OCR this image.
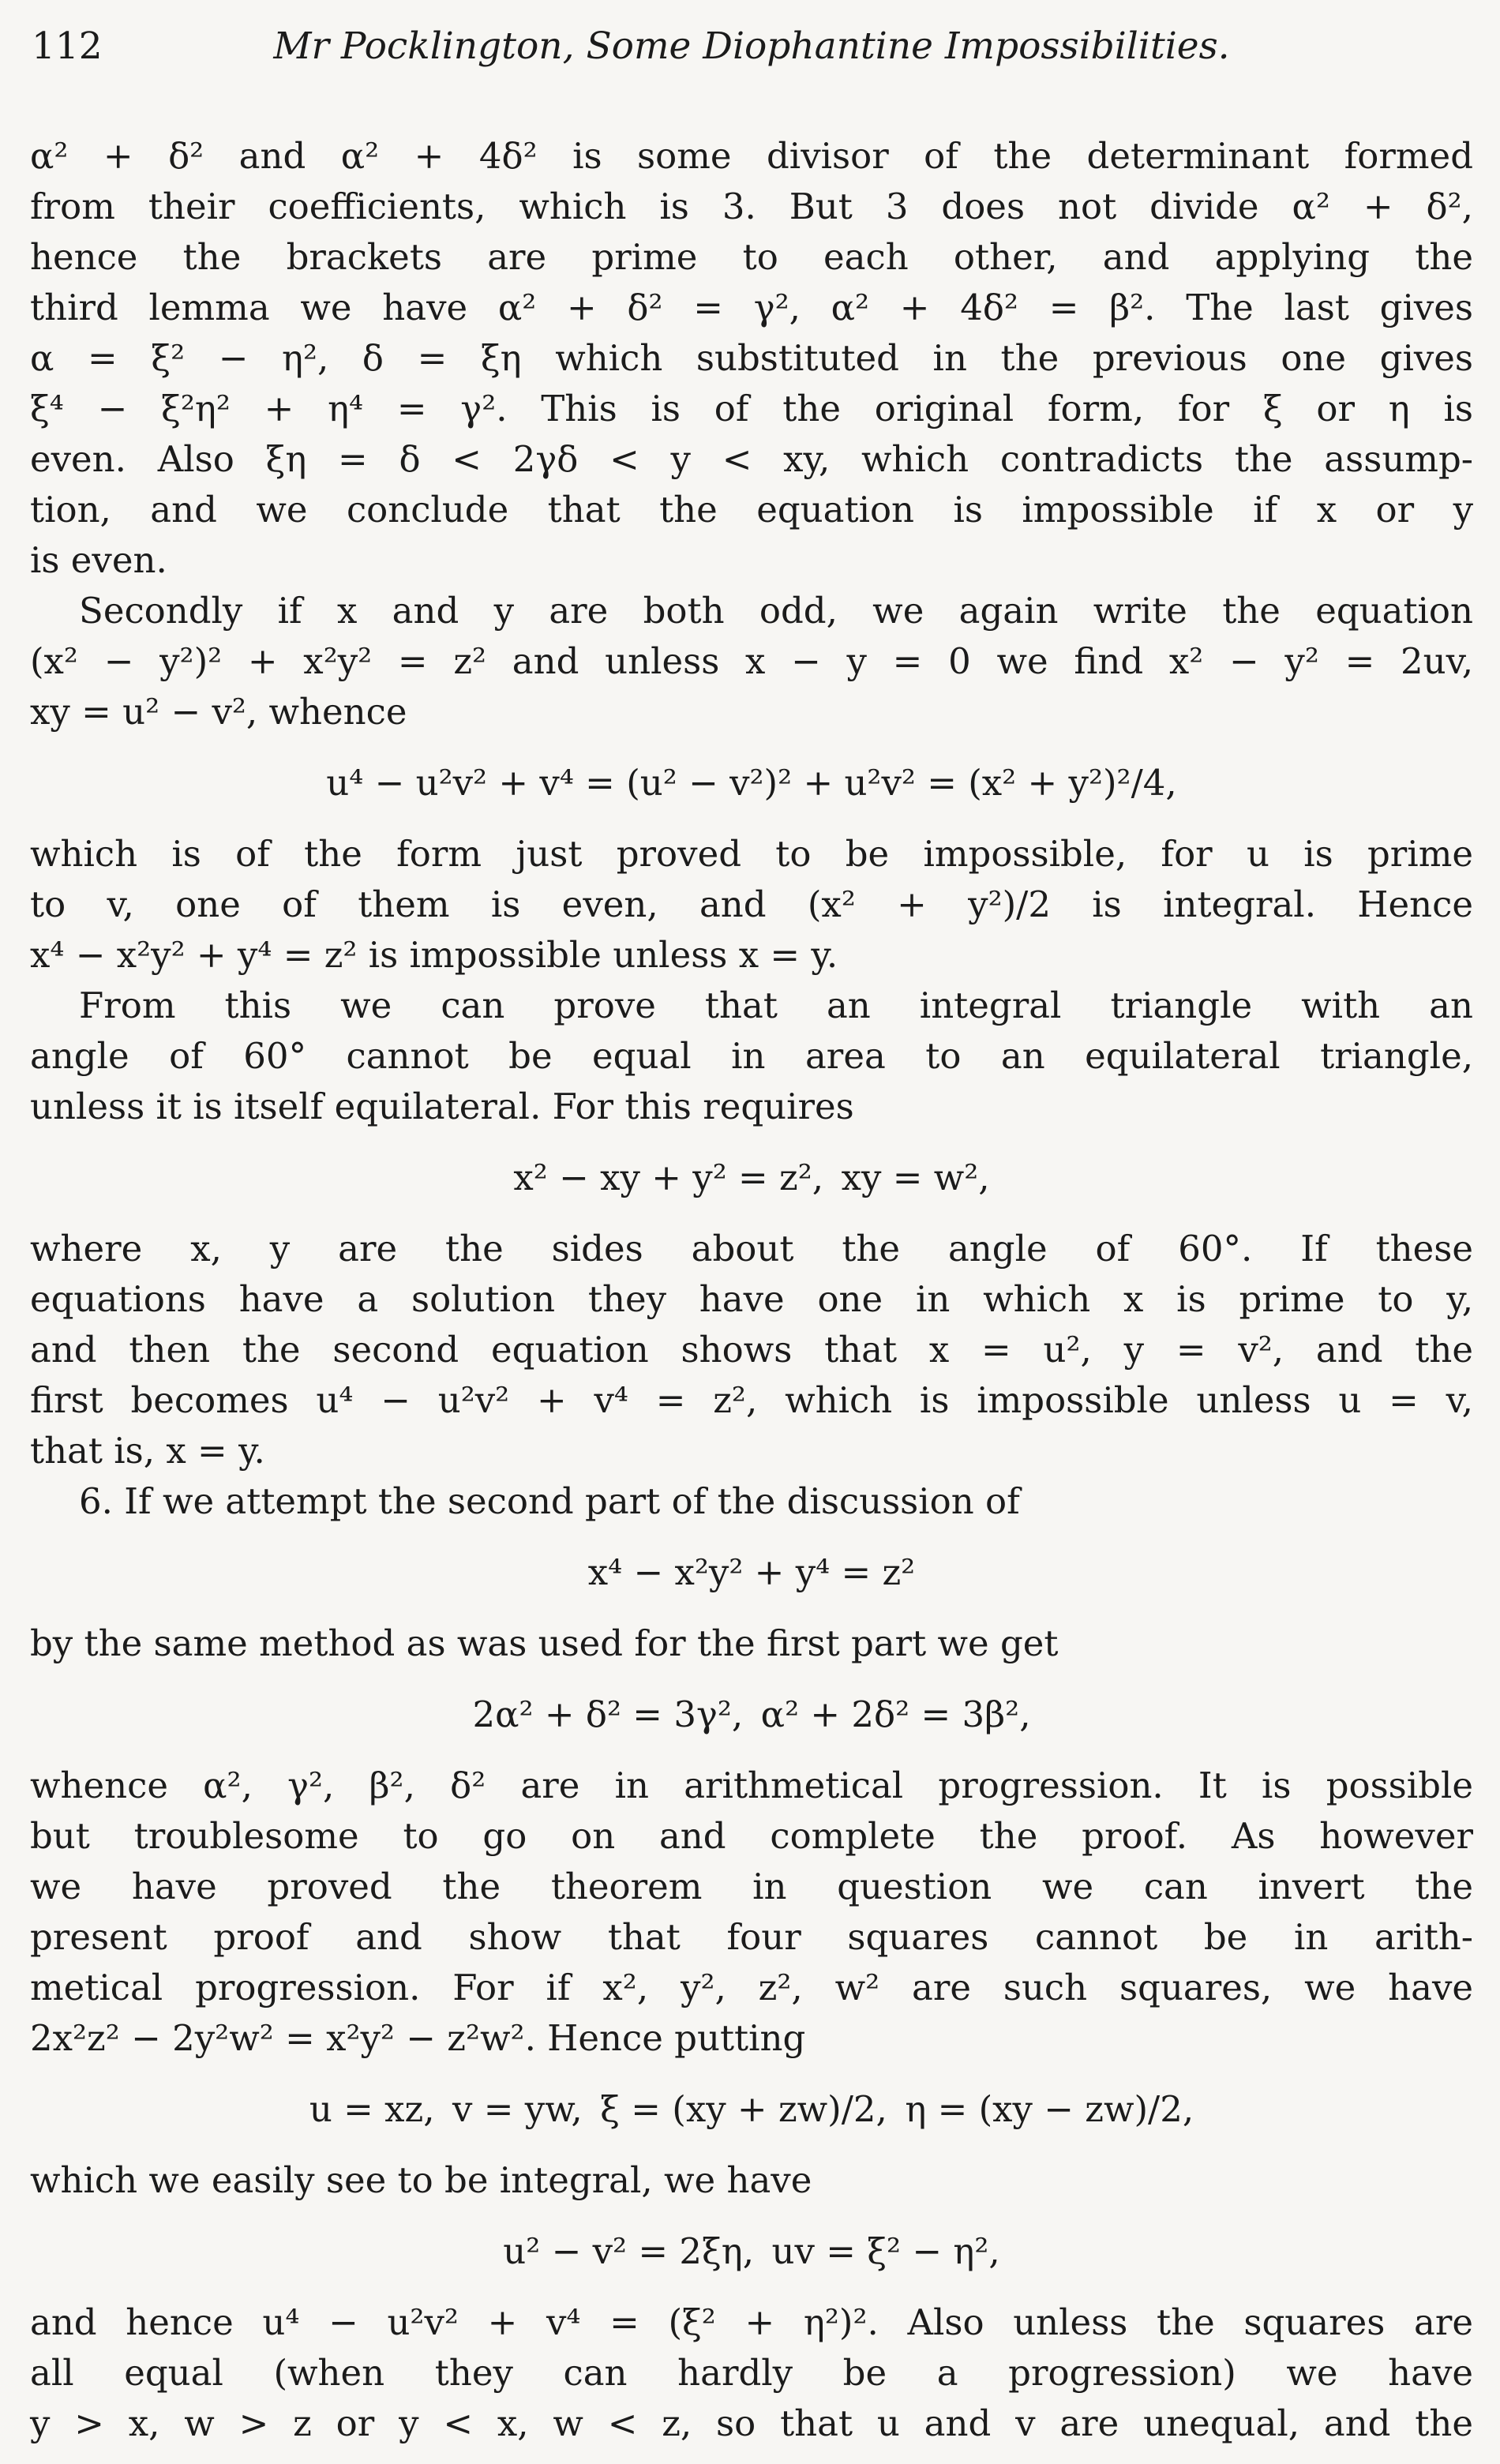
112	Mr Pocklington, Some Diophantine Impossibilities.
α² + δ² and α² + 4δ² is some divisor of the determinant formed
from their coefficients, which is 3. But 3 does not divide α² + δ²,
hence the brackets are prime to each other, and applying the
third lemma we have α² + δ² = γ², α² + 4δ² = β². The last gives
α = ξ² − η², δ = ξη which substituted in the previous one gives
ξ⁴ − ξ²η² + η⁴ = γ². This is of the original form, for ξ or η is
even. Also ξη = δ < 2γδ < y < xy, which contradicts the assump-
tion, and we conclude that the equation is impossible if x or y
is even.
Secondly if x and y are both odd, we again write the equation
(x² − y²)² + x²y² = z² and unless x − y = 0 we find x² − y² = 2uv,
xy = u² − v², whence
u⁴ − u²v² + v⁴ = (u² − v²)² + u²v² = (x² + y²)²/4,
which is of the form just proved to be impossible, for u is prime
to v, one of them is even, and (x² + y²)/2 is integral. Hence
x⁴ − x²y² + y⁴ = z² is impossible unless x = y.
From this we can prove that an integral triangle with an
angle of 60° cannot be equal in area to an equilateral triangle,
unless it is itself equilateral. For this requires
x² − xy + y² = z², xy = w²,
where x, y are the sides about the angle of 60°. If these
equations have a solution they have one in which x is prime to y,
and then the second equation shows that x = u², y = v², and the
first becomes u⁴ − u²v² + v⁴ = z², which is impossible unless u = v,
that is, x = y.
6. If we attempt the second part of the discussion of
x⁴ − x²y² + y⁴ = z²
by the same method as was used for the first part we get
2α² + δ² = 3γ², α² + 2δ² = 3β²,
whence α², γ², β², δ² are in arithmetical progression. It is possible
but troublesome to go on and complete the proof. As however
we have proved the theorem in question we can invert the
present proof and show that four squares cannot be in arith-
metical progression. For if x², y², z², w² are such squares, we have
2x²z² − 2y²w² = x²y² − z²w². Hence putting
u = xz, v = yw, ξ = (xy + zw)/2, η = (xy − zw)/2,
which we easily see to be integral, we have
u² − v² = 2ξη, uv = ξ² − η²,
and hence u⁴ − u²v² + v⁴ = (ξ² + η²)². Also unless the squares are
all equal (when they can hardly be a progression) we have
y > x, w > z or y < x, w < z, so that u and v are unequal, and the
